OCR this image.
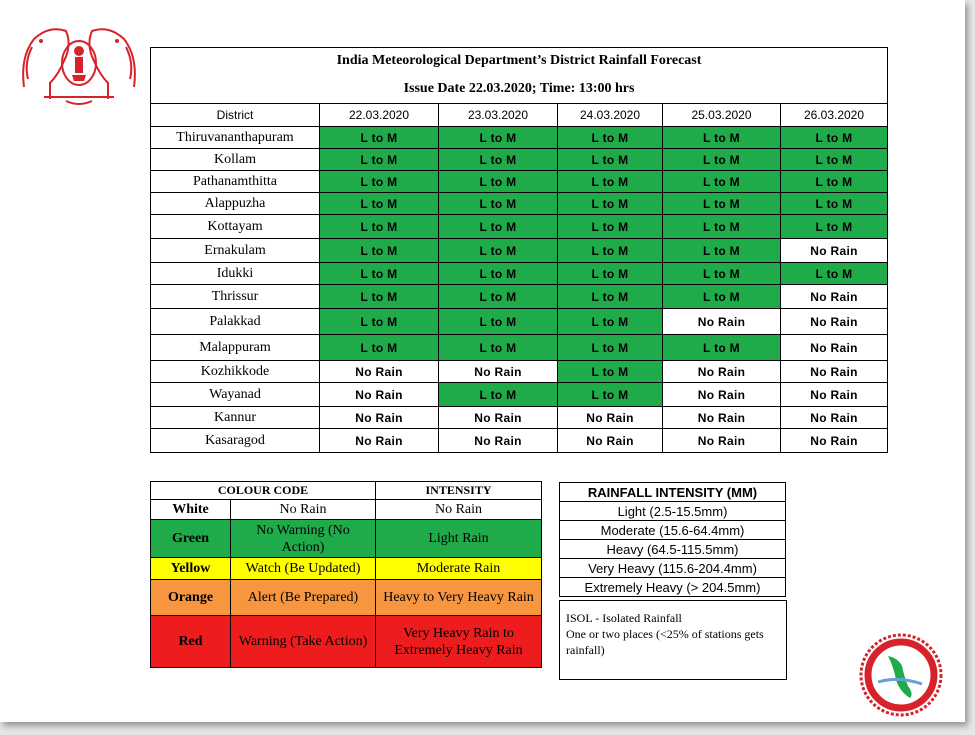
India Meteorological Department’s District Rainfall Forecast					
Issue Date 22.03.2020; Time: 13:00 hrs					
District	22.03.2020	23.03.2020	24.03.2020	25.03.2020	26.03.2020
Thiruvananthapuram	L to M	L to M	L to M	L to M	L to M
Kollam	L to M	L to M	L to M	L to M	L to M
Pathanamthitta	L to M	L to M	L to M	L to M	L to M
Alappuzha	L to M	L to M	L to M	L to M	L to M
Kottayam	L to M	L to M	L to M	L to M	L to M
Ernakulam	L to M	L to M	L to M	L to M	No Rain
Idukki	L to M	L to M	L to M	L to M	L to M
Thrissur	L to M	L to M	L to M	L to M	No Rain
Palakkad	L to M	L to M	L to M	No Rain	No Rain
Malappuram	L to M	L to M	L to M	L to M	No Rain
Kozhikkode	No Rain	No Rain	L to M	No Rain	No Rain
Wayanad	No Rain	L to M	L to M	No Rain	No Rain
Kannur	No Rain	No Rain	No Rain	No Rain	No Rain
Kasaragod	No Rain	No Rain	No Rain	No Rain	No Rain
COLOUR CODE		INTENSITY
White	No Rain	No Rain
Green	No Warning (No Action)	Light Rain
Yellow	Watch (Be Updated)	Moderate Rain
Orange	Alert (Be Prepared)	Heavy to Very Heavy Rain
Red	Warning (Take Action)	Very Heavy Rain to Extremely Heavy Rain
RAINFALL INTENSITY (MM)
Light (2.5-15.5mm)
Moderate (15.6-64.4mm)
Heavy (64.5-115.5mm)
Very Heavy (115.6-204.4mm)
Extremely Heavy (> 204.5mm)
ISOL - Isolated Rainfall
One or two places (<25% of stations gets rainfall)
